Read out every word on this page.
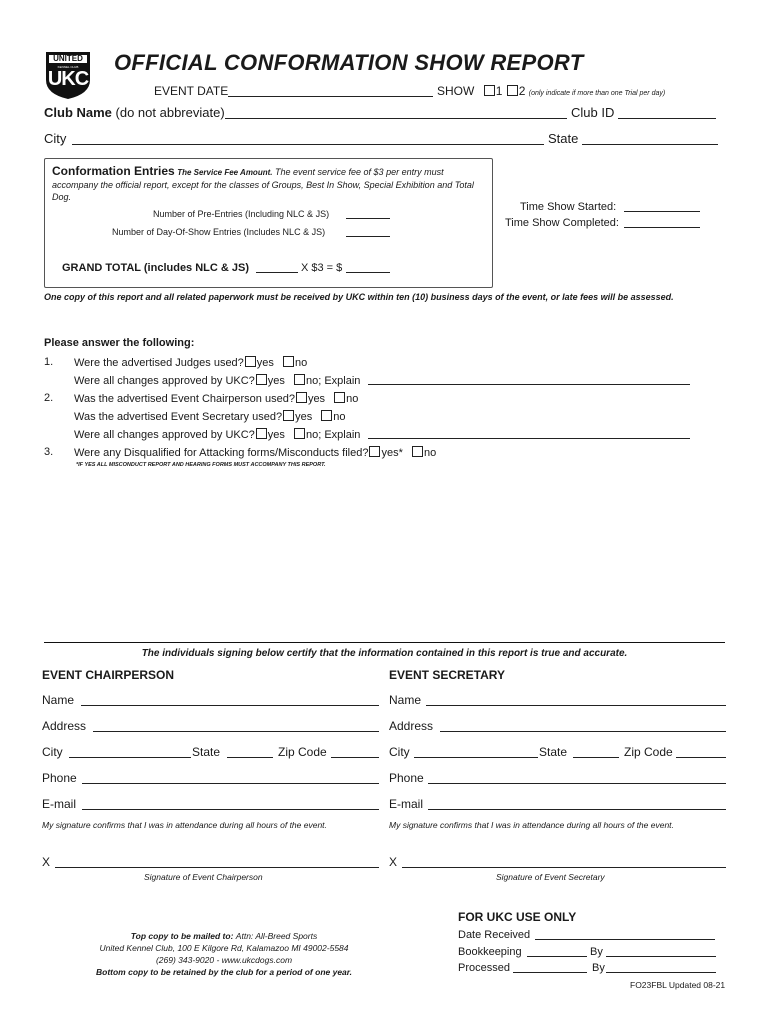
UNITED
KENNEL CLUB
UKC
OFFICIAL CONFORMATION SHOW REPORT
EVENT DATE	SHOW 1 2 (only indicate if more than one Trial per day)
Club Name (do not abbreviate)	Club ID
City	State
Conformation Entries The Service Fee Amount. The event service fee of $3 per entry must accompany the official report, except for the classes of Groups, Best In Show, Special Exhibition and Total Dog.
Number of Pre-Entries (Including NLC & JS)
Number of Day-Of-Show Entries (Includes NLC & JS)
GRAND TOTAL (includes NLC & JS)	X $3 = $
Time Show Started:
Time Show Completed:
One copy of this report and all related paperwork must be received by UKC within ten (10) business days of the event, or late fees will be assessed.
Please answer the following:
1. Were the advertised Judges used? yes no
Were all changes approved by UKC? yes no; Explain
2. Was the advertised Event Chairperson used? yes no
Was the advertised Event Secretary used? yes no
Were all changes approved by UKC? yes no; Explain
3. Were any Disqualified for Attacking forms/Misconducts filed? yes* no
*IF YES ALL MISCONDUCT REPORT AND HEARING FORMS MUST ACCOMPANY THIS REPORT.
The individuals signing below certify that the information contained in this report is true and accurate.
EVENT CHAIRPERSON
Name
Address
City	State	Zip Code
Phone
E-mail
My signature confirms that I was in attendance during all hours of the event.
X
Signature of Event Chairperson
EVENT SECRETARY
Name
Address
City	State	Zip Code
Phone
E-mail
My signature confirms that I was in attendance during all hours of the event.
X
Signature of Event Secretary
Top copy to be mailed to: Attn: All-Breed Sports
United Kennel Club, 100 E Kilgore Rd, Kalamazoo MI 49002-5584
(269) 343-9020 - www.ukcdogs.com
Bottom copy to be retained by the club for a period of one year.
FOR UKC USE ONLY
Date Received
Bookkeeping	By
Processed	By
FO23FBL Updated 08-21
